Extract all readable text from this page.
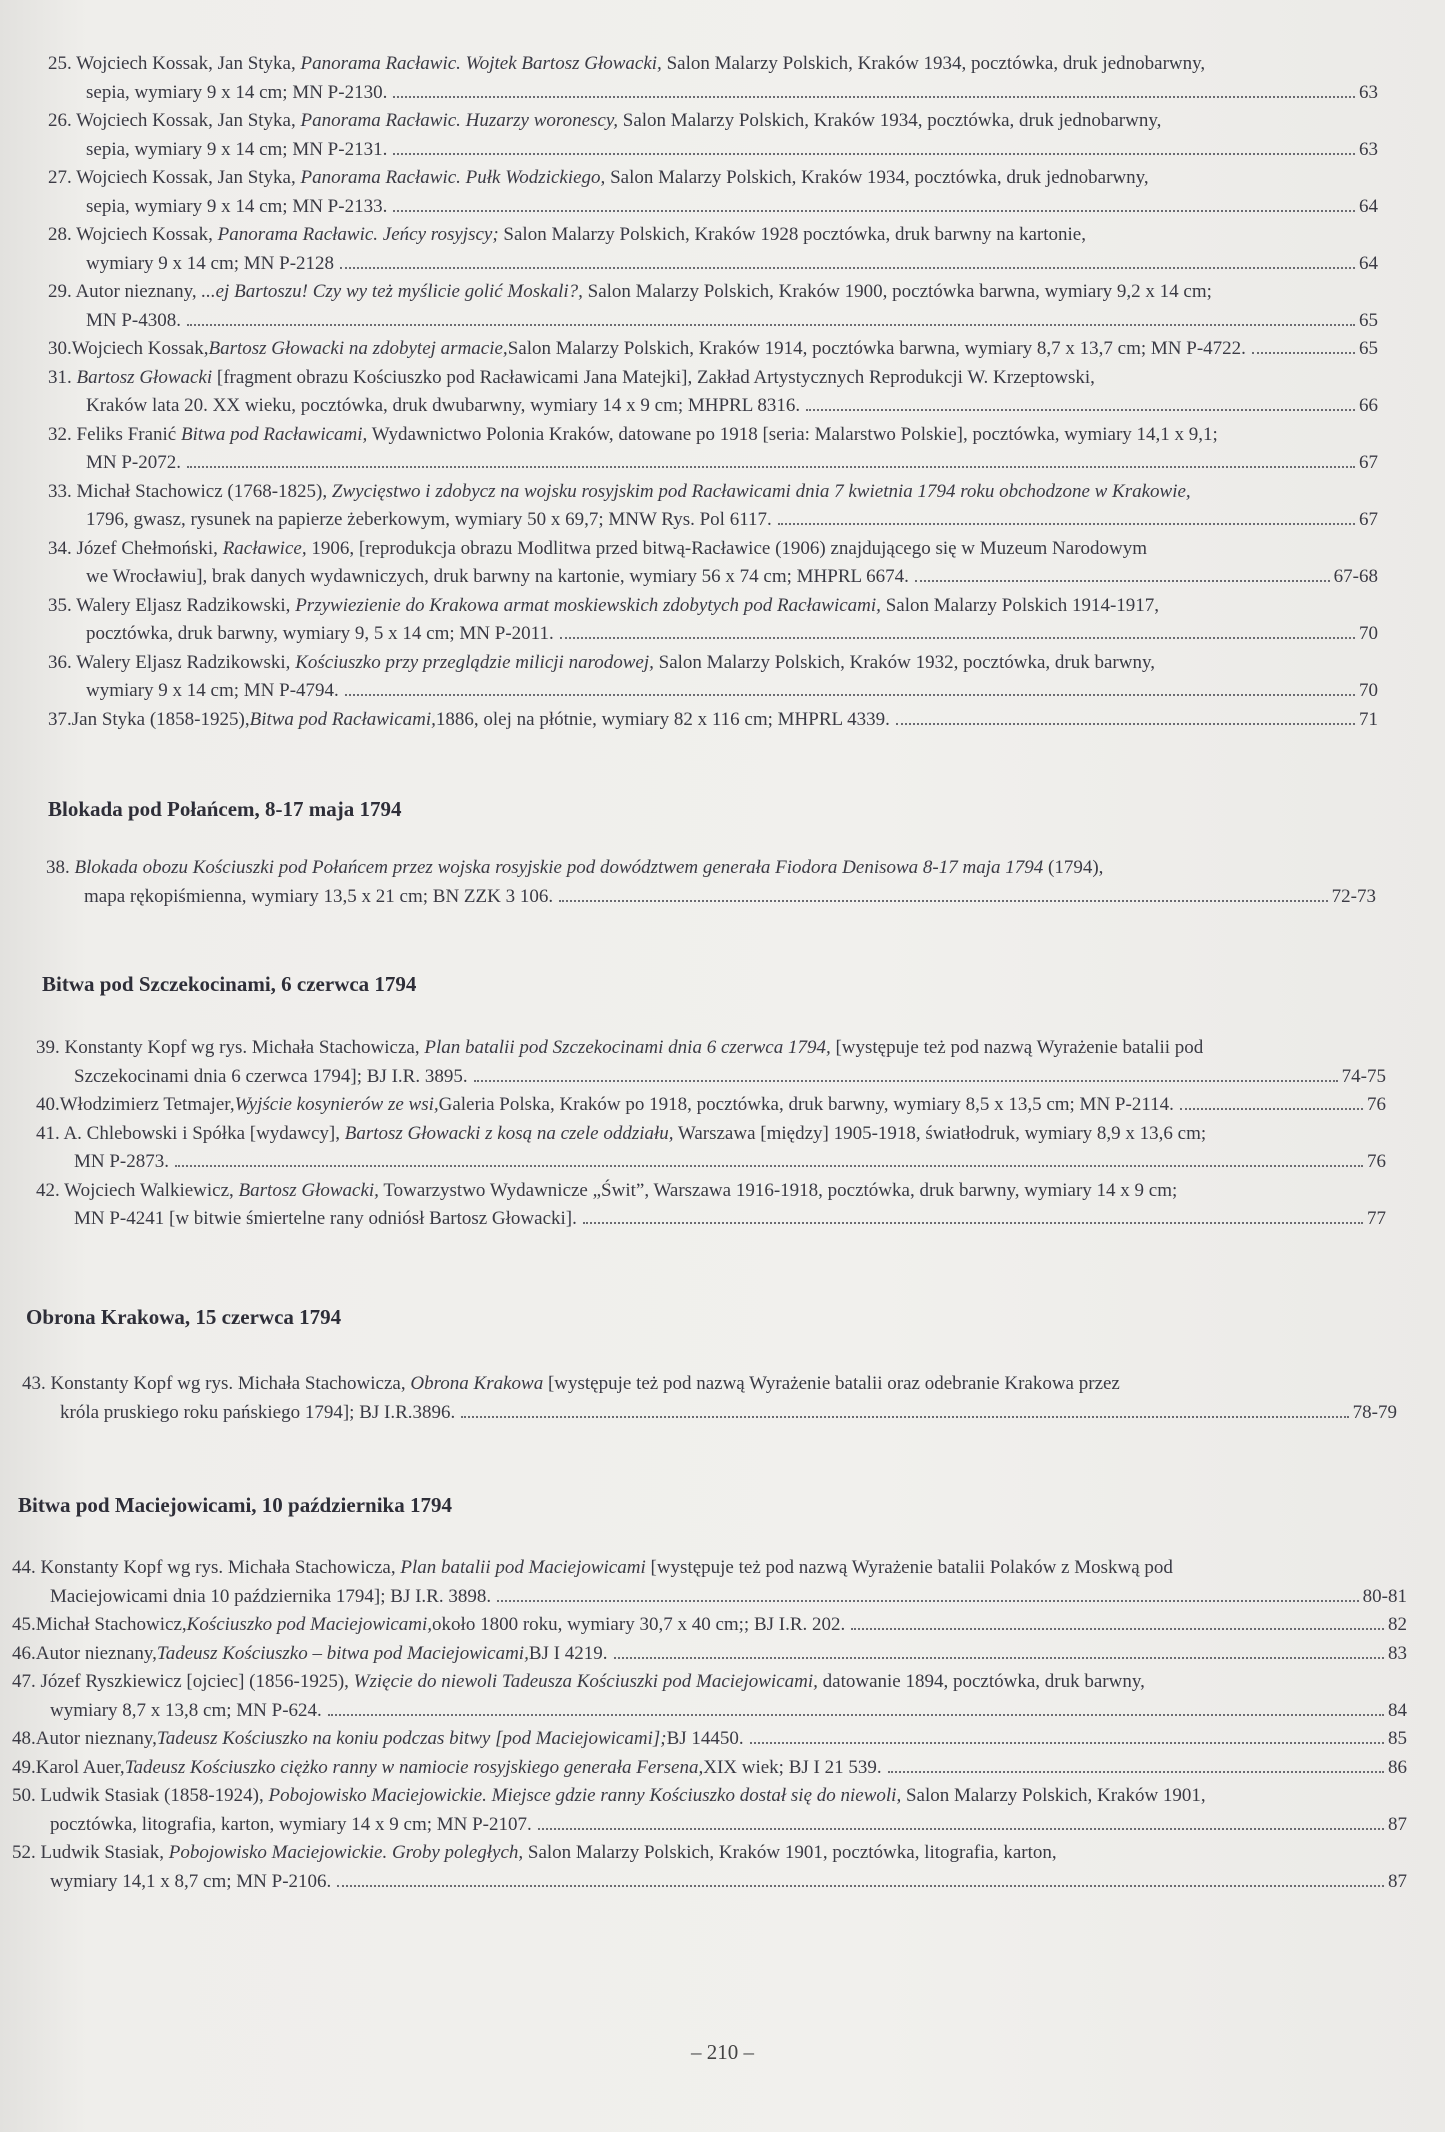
25. Wojciech Kossak, Jan Styka, Panorama Racławic. Wojtek Bartosz Głowacki, Salon Malarzy Polskich, Kraków 1934, pocztówka, druk jednobarwny,
sepia, wymiary 9 x 14 cm; MN P-2130.	63
26. Wojciech Kossak, Jan Styka, Panorama Racławic. Huzarzy woronescy, Salon Malarzy Polskich, Kraków 1934, pocztówka, druk jednobarwny,
sepia, wymiary 9 x 14 cm; MN P-2131.	63
27. Wojciech Kossak, Jan Styka, Panorama Racławic. Pułk Wodzickiego, Salon Malarzy Polskich, Kraków 1934, pocztówka, druk jednobarwny,
sepia, wymiary 9 x 14 cm; MN P-2133.	64
28. Wojciech Kossak, Panorama Racławic. Jeńcy rosyjscy; Salon Malarzy Polskich, Kraków 1928 pocztówka, druk barwny na kartonie,
wymiary 9 x 14 cm; MN P-2128	64
29. Autor nieznany, ...ej Bartoszu! Czy wy też myślicie golić Moskali?, Salon Malarzy Polskich, Kraków 1900, pocztówka barwna, wymiary 9,2 x 14 cm;
MN P-4308.	65
30. Wojciech Kossak, Bartosz Głowacki na zdobytej armacie, Salon Malarzy Polskich, Kraków 1914, pocztówka barwna, wymiary 8,7 x 13,7 cm; MN P-4722.	65
31. Bartosz Głowacki [fragment obrazu Kościuszko pod Racławicami Jana Matejki], Zakład Artystycznych Reprodukcji W. Krzeptowski,
Kraków lata 20. XX wieku, pocztówka, druk dwubarwny, wymiary 14 x 9 cm; MHPRL 8316.	66
32. Feliks Franić Bitwa pod Racławicami, Wydawnictwo Polonia Kraków, datowane po 1918 [seria: Malarstwo Polskie], pocztówka, wymiary 14,1 x 9,1;
MN P-2072.	67
33. Michał Stachowicz (1768-1825), Zwycięstwo i zdobycz na wojsku rosyjskim pod Racławicami dnia 7 kwietnia 1794 roku obchodzone w Krakowie,
1796, gwasz, rysunek na papierze żeberkowym, wymiary 50 x 69,7; MNW Rys. Pol 6117.	67
34. Józef Chełmoński, Racławice, 1906, [reprodukcja obrazu Modlitwa przed bitwą-Racławice (1906) znajdującego się w Muzeum Narodowym
we Wrocławiu], brak danych wydawniczych, druk barwny na kartonie, wymiary 56 x 74 cm; MHPRL 6674.	67-68
35. Walery Eljasz Radzikowski, Przywiezienie do Krakowa armat moskiewskich zdobytych pod Racławicami, Salon Malarzy Polskich 1914-1917,
pocztówka, druk barwny, wymiary 9, 5 x 14 cm; MN P-2011.	70
36. Walery Eljasz Radzikowski, Kościuszko przy przeglądzie milicji narodowej, Salon Malarzy Polskich, Kraków 1932, pocztówka, druk barwny,
wymiary 9 x 14 cm; MN P-4794.	70
37. Jan Styka (1858-1925), Bitwa pod Racławicami, 1886, olej na płótnie, wymiary 82 x 116 cm; MHPRL 4339.	71
Blokada pod Połańcem, 8-17 maja 1794
38. Blokada obozu Kościuszki pod Połańcem przez wojska rosyjskie pod dowództwem generała Fiodora Denisowa 8-17 maja 1794 (1794),
mapa rękopiśmienna, wymiary 13,5 x 21 cm; BN ZZK 3 106.	72-73
Bitwa pod Szczekocinami, 6 czerwca 1794
39. Konstanty Kopf wg rys. Michała Stachowicza, Plan batalii pod Szczekocinami dnia 6 czerwca 1794, [występuje też pod nazwą Wyrażenie batalii pod
Szczekocinami dnia 6 czerwca 1794]; BJ I.R. 3895.	74-75
40. Włodzimierz Tetmajer, Wyjście kosynierów ze wsi, Galeria Polska, Kraków po 1918, pocztówka, druk barwny, wymiary 8,5 x 13,5 cm; MN P-2114.	76
41. A. Chlebowski i Spółka [wydawcy], Bartosz Głowacki z kosą na czele oddziału, Warszawa [między] 1905-1918, światłodruk, wymiary 8,9 x 13,6 cm;
MN P-2873.	76
42. Wojciech Walkiewicz, Bartosz Głowacki, Towarzystwo Wydawnicze „Świt”, Warszawa 1916-1918, pocztówka, druk barwny, wymiary 14 x 9 cm;
MN P-4241 [w bitwie śmiertelne rany odniósł Bartosz Głowacki].	77
Obrona Krakowa, 15 czerwca 1794
43. Konstanty Kopf wg rys. Michała Stachowicza, Obrona Krakowa [występuje też pod nazwą Wyrażenie batalii oraz odebranie Krakowa przez
króla pruskiego roku pańskiego 1794]; BJ I.R.3896.	78-79
Bitwa pod Maciejowicami, 10 października 1794
44. Konstanty Kopf wg rys. Michała Stachowicza, Plan batalii pod Maciejowicami [występuje też pod nazwą Wyrażenie batalii Polaków z Moskwą pod
Maciejowicami dnia 10 października 1794]; BJ I.R. 3898.	80-81
45. Michał Stachowicz, Kościuszko pod Maciejowicami, około 1800 roku, wymiary 30,7 x 40 cm;; BJ I.R. 202.	82
46. Autor nieznany, Tadeusz Kościuszko – bitwa pod Maciejowicami, BJ I 4219.	83
47. Józef Ryszkiewicz [ojciec] (1856-1925), Wzięcie do niewoli Tadeusza Kościuszki pod Maciejowicami, datowanie 1894, pocztówka, druk barwny,
wymiary 8,7 x 13,8 cm; MN P-624.	84
48. Autor nieznany, Tadeusz Kościuszko na koniu podczas bitwy [pod Maciejowicami]; BJ 14450.	85
49. Karol Auer, Tadeusz Kościuszko ciężko ranny w namiocie rosyjskiego generała Fersena, XIX wiek; BJ I 21 539.	86
50. Ludwik Stasiak (1858-1924), Pobojowisko Maciejowickie. Miejsce gdzie ranny Kościuszko dostał się do niewoli, Salon Malarzy Polskich, Kraków 1901,
pocztówka, litografia, karton, wymiary 14 x 9 cm; MN P-2107.	87
52. Ludwik Stasiak, Pobojowisko Maciejowickie. Groby poległych, Salon Malarzy Polskich, Kraków 1901, pocztówka, litografia, karton,
wymiary 14,1 x 8,7 cm; MN P-2106.	87
– 210 –
